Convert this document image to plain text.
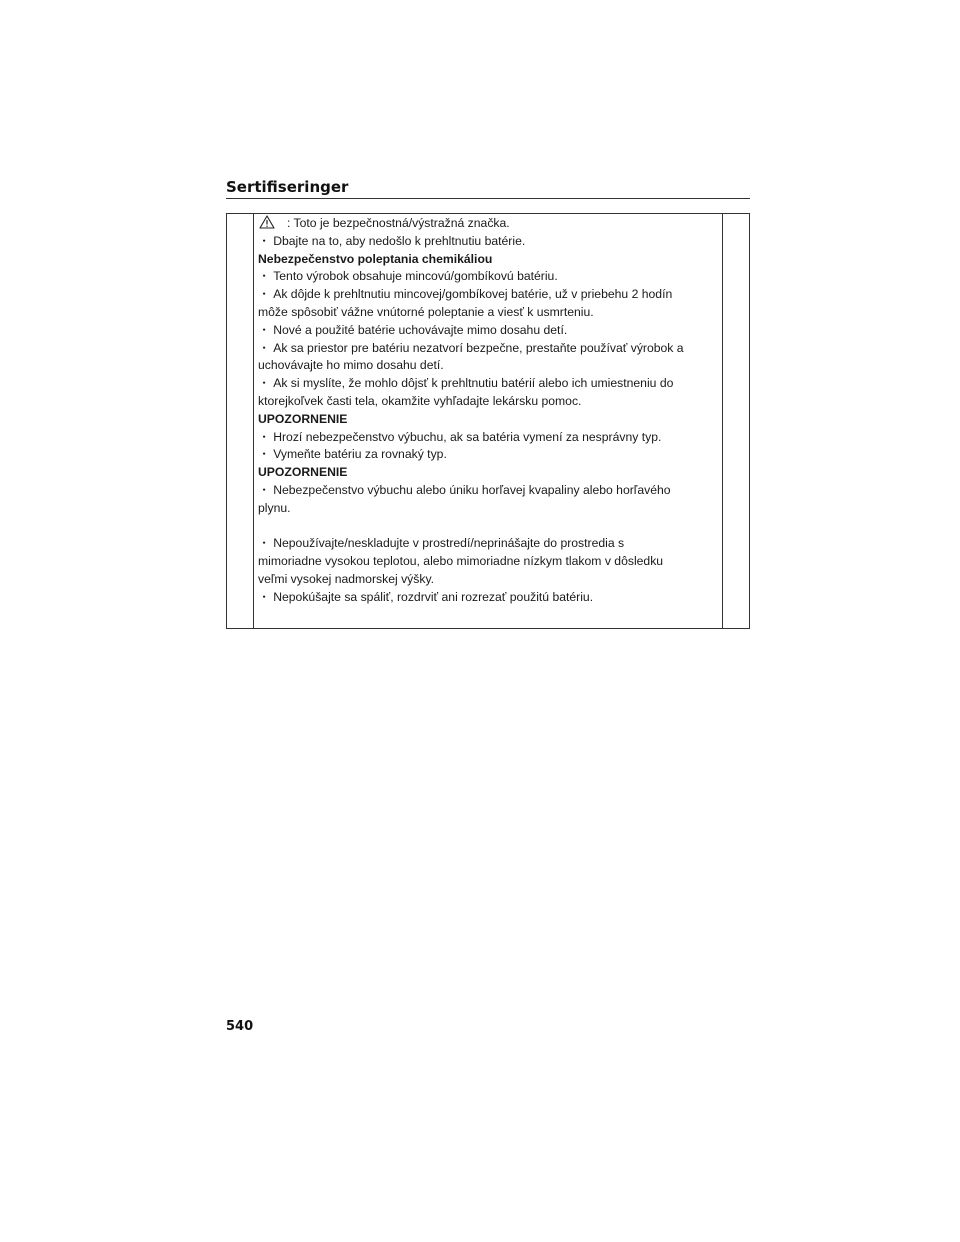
Sertifiseringer

: Toto je bezpečnostná/výstražná značka.

・ Dbajte na to, aby nedošlo k prehltnutiu batérie.

Nebezpečenstvo poleptania chemikáliou

・ Tento výrobok obsahuje mincovú/gombíkovú batériu.

・ Ak dôjde k prehltnutiu mincovej/gombíkovej batérie, už v priebehu 2 hodín

môže spôsobiť vážne vnútorné poleptanie a viesť k usmrteniu.

・ Nové a použité batérie uchovávajte mimo dosahu detí.

・ Ak sa priestor pre batériu nezatvorí bezpečne, prestaňte používať výrobok a

uchovávajte ho mimo dosahu detí.

・ Ak si myslíte, že mohlo dôjsť k prehltnutiu batérií alebo ich umiestneniu do

ktorejkoľvek časti tela, okamžite vyhľadajte lekársku pomoc.

UPOZORNENIE

・ Hrozí nebezpečenstvo výbuchu, ak sa batéria vymení za nesprávny typ.

・ Vymeňte batériu za rovnaký typ.

UPOZORNENIE

・ Nebezpečenstvo výbuchu alebo úniku horľavej kvapaliny alebo horľavého

plynu.

・ Nepoužívajte/neskladujte v prostredí/neprinášajte do prostredia s

mimoriadne vysokou teplotou, alebo mimoriadne nízkym tlakom v dôsledku

veľmi vysokej nadmorskej výšky.

・ Nepokúšajte sa spáliť, rozdrviť ani rozrezať použitú batériu.

540
